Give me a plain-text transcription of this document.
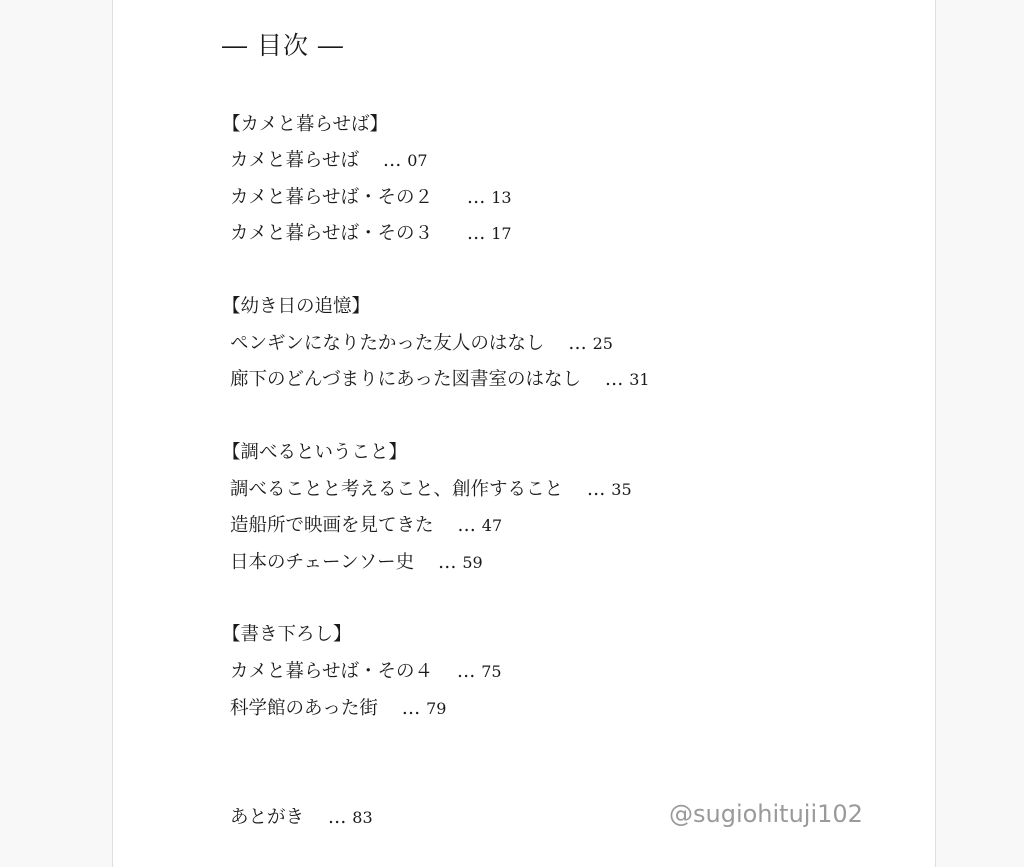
― 目次 ―
【カメと暮らせば】
カメと暮らせば … 07
カメと暮らせば・その２ … 13
カメと暮らせば・その３ … 17
【幼き日の追憶】
ペンギンになりたかった友人のはなし … 25
廊下のどんづまりにあった図書室のはなし … 31
【調べるということ】
調べることと考えること、創作すること … 35
造船所で映画を見てきた … 47
日本のチェーンソー史 … 59
【書き下ろし】
カメと暮らせば・その４ … 75
科学館のあった街 … 79
あとがき … 83	@sugiohituji102
